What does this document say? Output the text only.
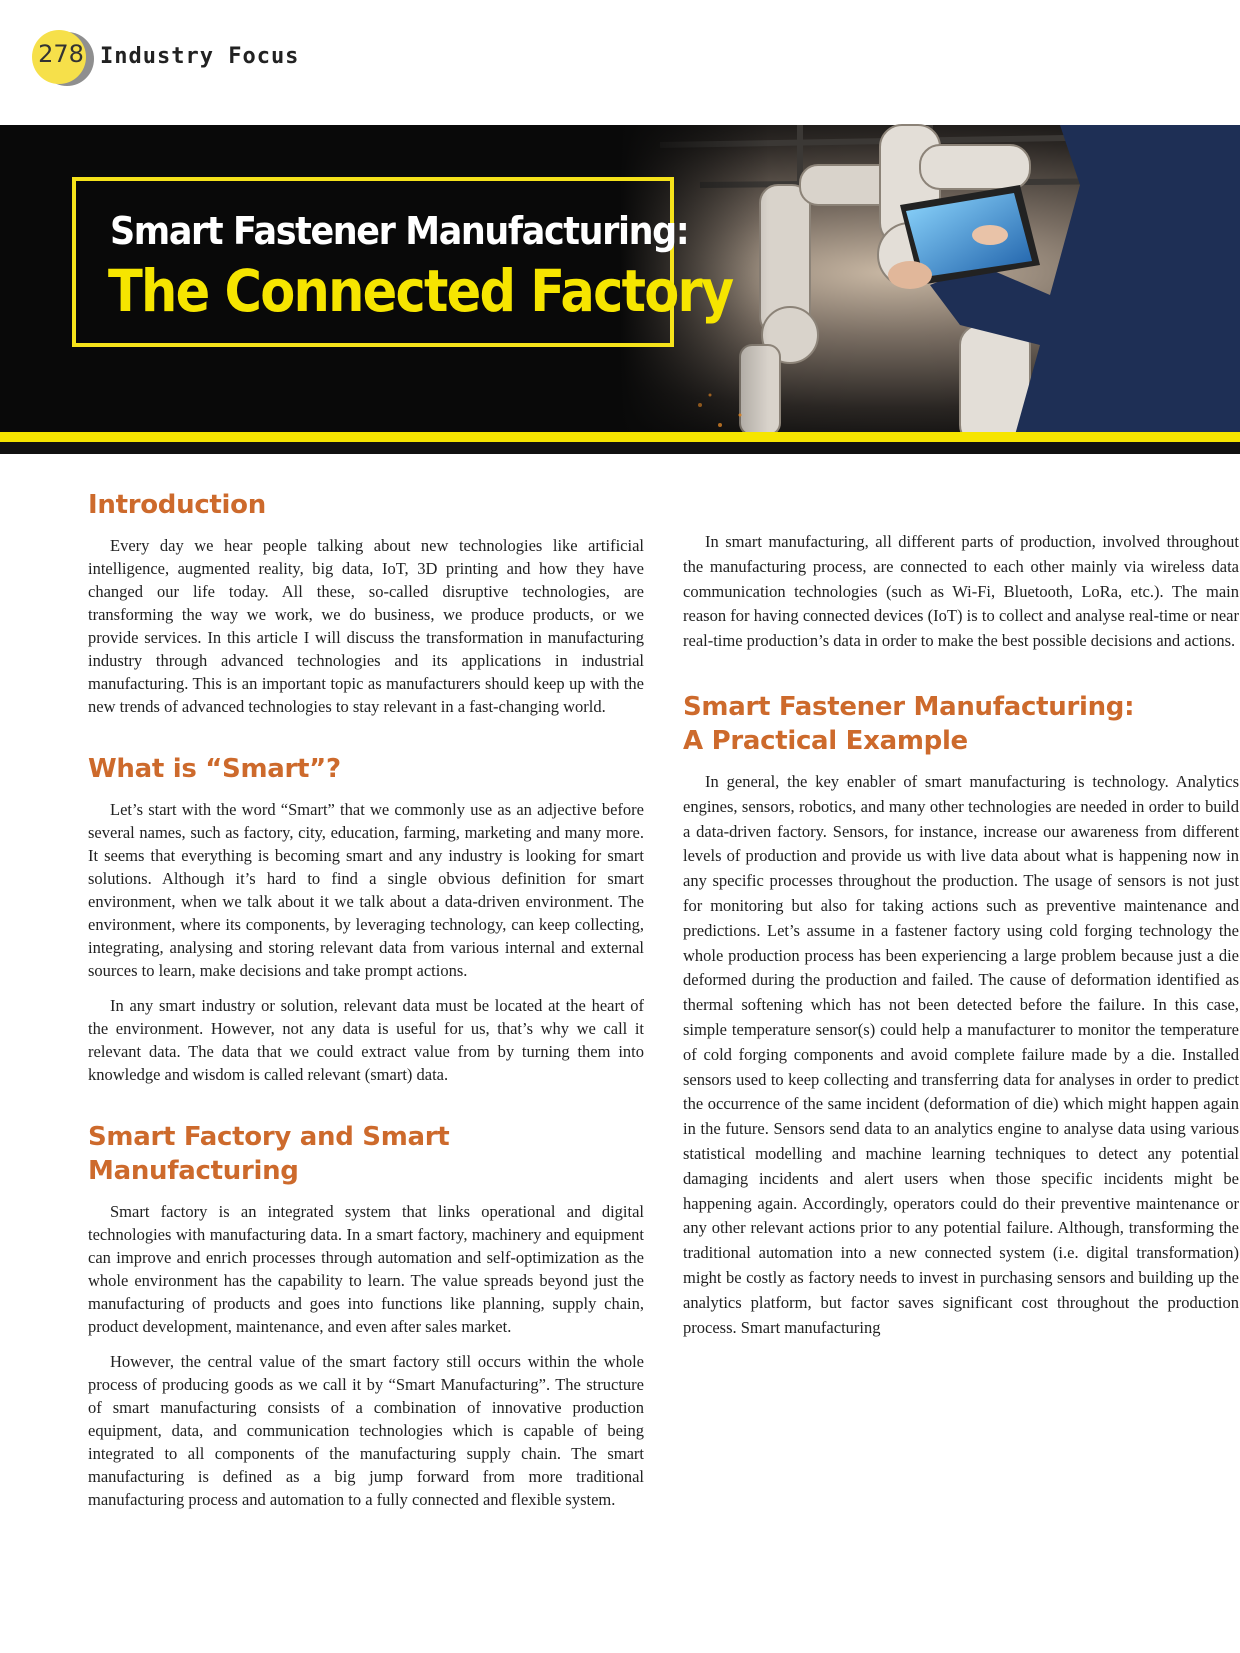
278 Industry Focus
by Shervin Shahidi Hamedani
Smart Fastener Manufacturing:
The Connected Factory
Introduction

Every day we hear people talking about new technologies like artificial intelligence, augmented reality, big data, IoT, 3D printing and how they have changed our life today. All these, so-called disruptive technologies, are transforming the way we work, we do business, we produce products, or we provide services. In this article I will discuss the transformation in manufacturing industry through advanced technologies and its applications in industrial manufacturing. This is an important topic as manufacturers should keep up with the new trends of advanced technologies to stay relevant in a fast-changing world.

What is “Smart”?

Let’s start with the word “Smart” that we commonly use as an adjective before several names, such as factory, city, education, farming, marketing and many more. It seems that everything is becoming smart and any industry is looking for smart solutions. Although it’s hard to find a single obvious definition for smart environment, when we talk about it we talk about a data-driven environment. The environment, where its components, by leveraging technology, can keep collecting, integrating, analysing and storing relevant data from various internal and external sources to learn, make decisions and take prompt actions.

In any smart industry or solution, relevant data must be located at the heart of the environment. However, not any data is useful for us, that’s why we call it relevant data. The data that we could extract value from by turning them into knowledge and wisdom is called relevant (smart) data.

Smart Factory and Smart Manufacturing

Smart factory is an integrated system that links operational and digital technologies with manufacturing data. In a smart factory, machinery and equipment can improve and enrich processes through automation and self-optimization as the whole environment has the capability to learn. The value spreads beyond just the manufacturing of products and goes into functions like planning, supply chain, product development, maintenance, and even after sales market.

However, the central value of the smart factory still occurs within the whole process of producing goods as we call it by “Smart Manufacturing”. The structure of smart manufacturing consists of a combination of innovative production equipment, data, and communication technologies which is capable of being integrated to all components of the manufacturing supply chain. The smart manufacturing is defined as a big jump forward from more traditional manufacturing process and automation to a fully connected and flexible system.

In smart manufacturing, all different parts of production, involved throughout the manufacturing process, are connected to each other mainly via wireless data communication technologies (such as Wi-Fi, Bluetooth, LoRa, etc.). The main reason for having connected devices (IoT) is to collect and analyse real-time or near real-time production’s data in order to make the best possible decisions and actions.

Smart Fastener Manufacturing:
A Practical Example

In general, the key enabler of smart manufacturing is technology. Analytics engines, sensors, robotics, and many other technologies are needed in order to build a data-driven factory. Sensors, for instance, increase our awareness from different levels of production and provide us with live data about what is happening now in any specific processes throughout the production. The usage of sensors is not just for monitoring but also for taking actions such as preventive maintenance and predictions. Let’s assume in a fastener factory using cold forging technology the whole production process has been experiencing a large problem because just a die deformed during the production and failed. The cause of deformation identified as thermal softening which has not been detected before the failure. In this case, simple temperature sensor(s) could help a manufacturer to monitor the temperature of cold forging components and avoid complete failure made by a die. Installed sensors used to keep collecting and transferring data for analyses in order to predict the occurrence of the same incident (deformation of die) which might happen again in the future. Sensors send data to an analytics engine to analyse data using various statistical modelling and machine learning techniques to detect any potential damaging incidents and alert users when those specific incidents might be happening again. Accordingly, operators could do their preventive maintenance or any other relevant actions prior to any potential failure. Although, transforming the traditional automation into a new connected system (i.e. digital transformation) might be costly as factory needs to invest in purchasing sensors and building up the analytics platform, but factor saves significant cost throughout the production process. Smart manufacturing
